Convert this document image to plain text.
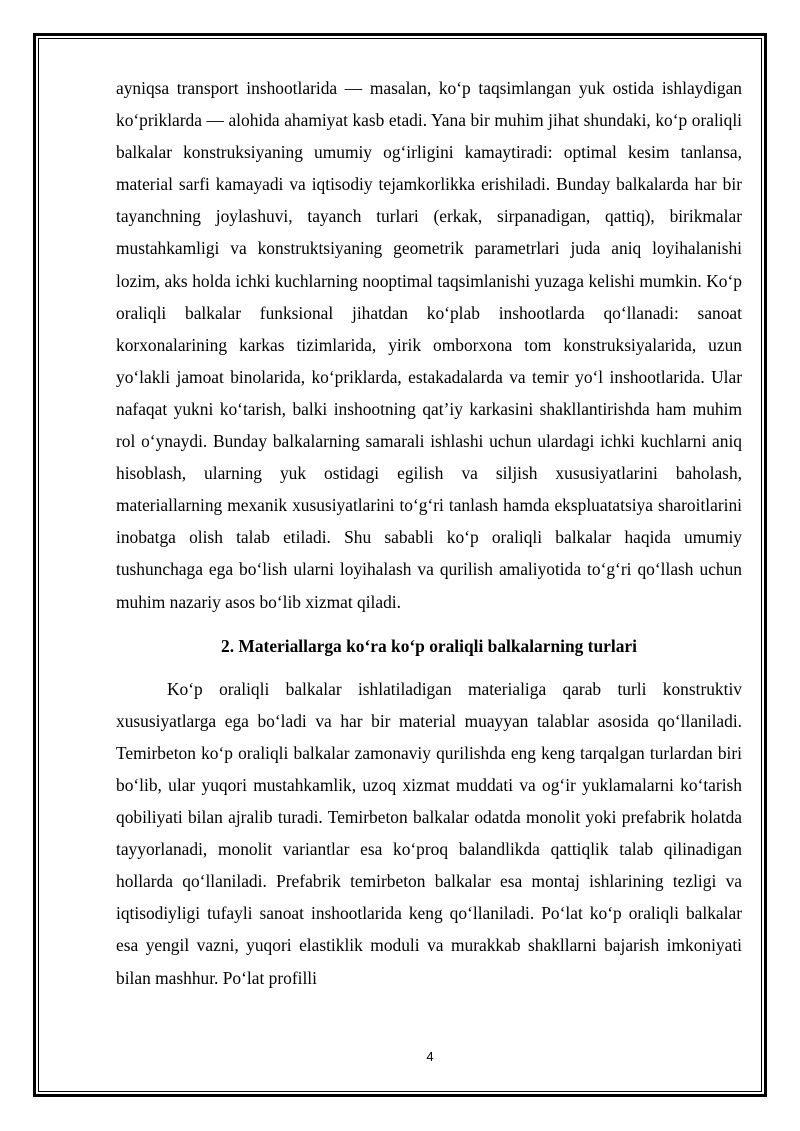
ayniqsa transport inshootlarida — masalan, ko‘p taqsimlangan yuk ostida ishlaydigan ko‘priklarda — alohida ahamiyat kasb etadi. Yana bir muhim jihat shundaki, ko‘p oraliqli balkalar konstruksiyaning umumiy og‘irligini kamaytiradi: optimal kesim tanlansa, material sarfi kamayadi va iqtisodiy tejamkorlikka erishiladi. Bunday balkalarda har bir tayanchning joylashuvi, tayanch turlari (erkak, sirpanadigan, qattiq), birikmalar mustahkamligi va konstruktsiyaning geometrik parametrlari juda aniq loyihalanishi lozim, aks holda ichki kuchlarning nooptimal taqsimlanishi yuzaga kelishi mumkin. Ko‘p oraliqli balkalar funksional jihatdan ko‘plab inshootlarda qo‘llanadi: sanoat korxonalarining karkas tizimlarida, yirik omborxona tom konstruksiyalarida, uzun yo‘lakli jamoat binolarida, ko‘priklarda, estakadalarda va temir yo‘l inshootlarida. Ular nafaqat yukni ko‘tarish, balki inshootning qat’iy karkasini shakllantirishda ham muhim rol o‘ynaydi. Bunday balkalarning samarali ishlashi uchun ulardagi ichki kuchlarni aniq hisoblash, ularning yuk ostidagi egilish va siljish xususiyatlarini baholash, materiallarning mexanik xususiyatlarini to‘g‘ri tanlash hamda ekspluatatsiya sharoitlarini inobatga olish talab etiladi. Shu sababli ko‘p oraliqli balkalar haqida umumiy tushunchaga ega bo‘lish ularni loyihalash va qurilish amaliyotida to‘g‘ri qo‘llash uchun muhim nazariy asos bo‘lib xizmat qiladi.

2. Materiallarga ko‘ra ko‘p oraliqli balkalarning turlari

Ko‘p oraliqli balkalar ishlatiladigan materialiga qarab turli konstruktiv xususiyatlarga ega bo‘ladi va har bir material muayyan talablar asosida qo‘llaniladi. Temirbeton ko‘p oraliqli balkalar zamonaviy qurilishda eng keng tarqalgan turlardan biri bo‘lib, ular yuqori mustahkamlik, uzoq xizmat muddati va og‘ir yuklamalarni ko‘tarish qobiliyati bilan ajralib turadi. Temirbeton balkalar odatda monolit yoki prefabrik holatda tayyorlanadi, monolit variantlar esa ko‘proq balandlikda qattiqlik talab qilinadigan hollarda qo‘llaniladi. Prefabrik temirbeton balkalar esa montaj ishlarining tezligi va iqtisodiyligi tufayli sanoat inshootlarida keng qo‘llaniladi. Po‘lat ko‘p oraliqli balkalar esa yengil vazni, yuqori elastiklik moduli va murakkab shakllarni bajarish imkoniyati bilan mashhur. Po‘lat profilli

4
